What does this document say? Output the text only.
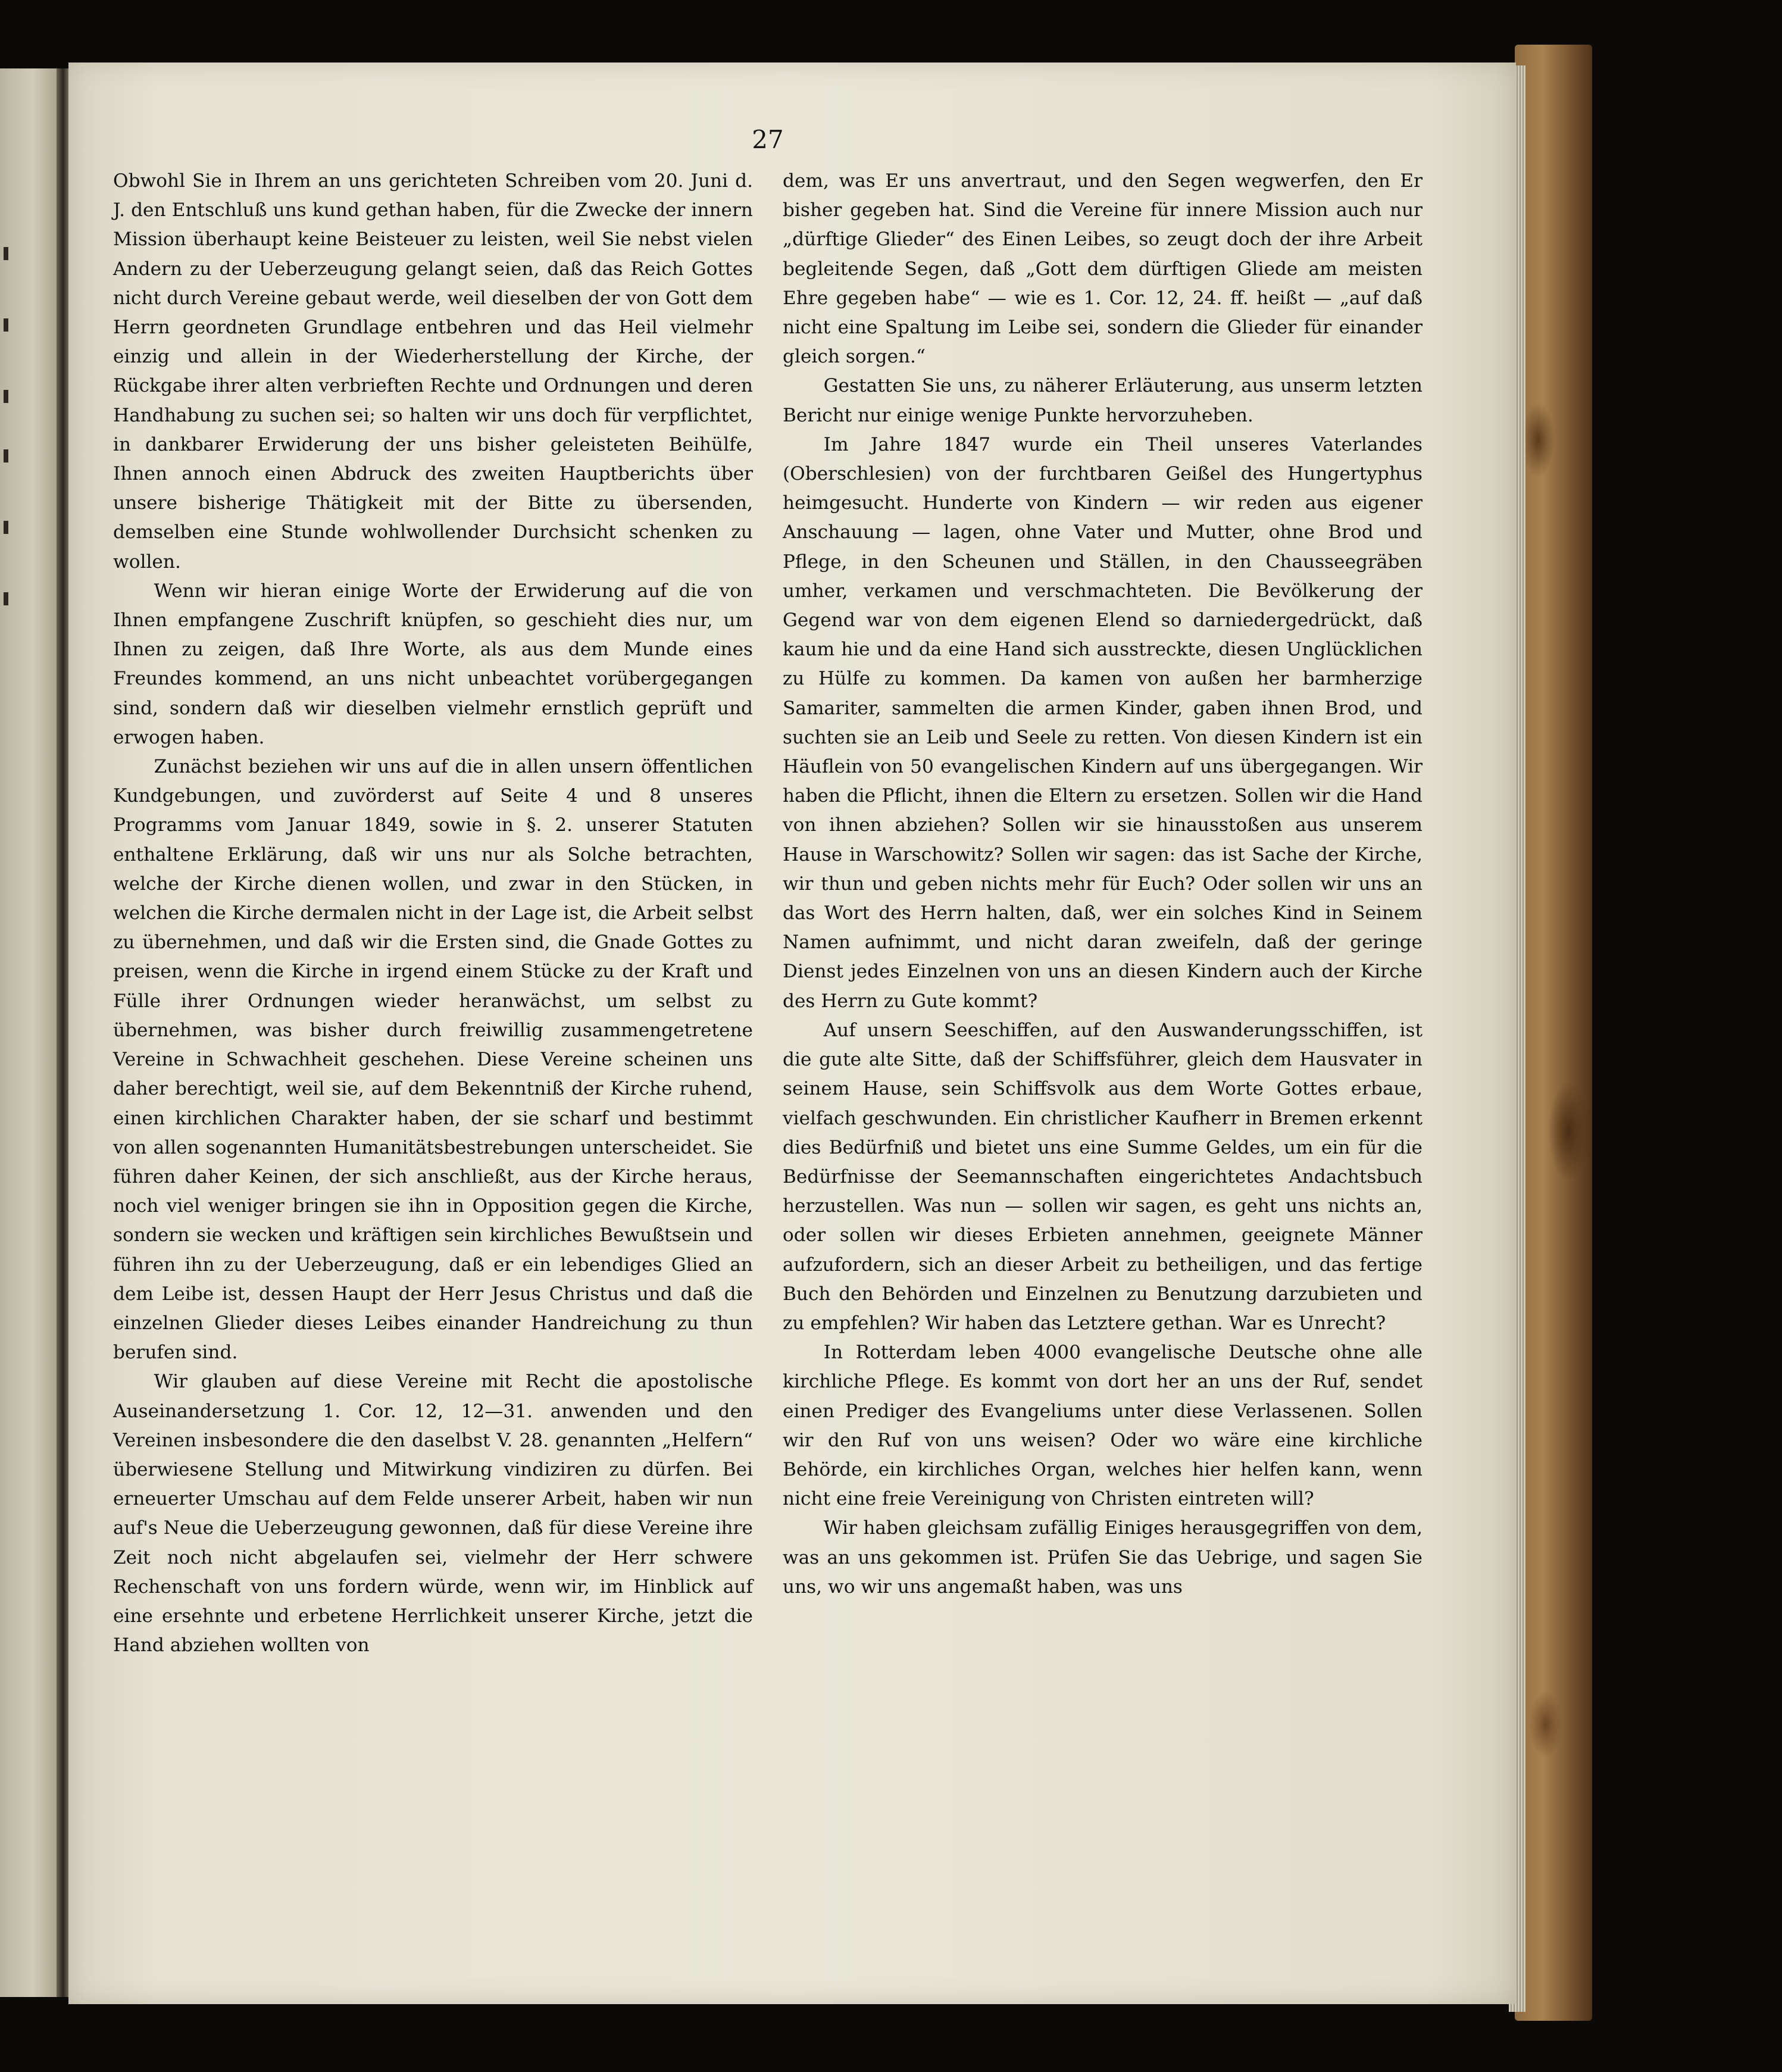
27

Obwohl Sie in Ihrem an uns gerichteten Schreiben vom 20. Juni d. J. den Entschluß uns kund gethan haben, für die Zwecke der innern Mission überhaupt keine Beisteuer zu leisten, weil Sie nebst vielen Andern zu der Ueberzeugung gelangt seien, daß das Reich Gottes nicht durch Vereine gebaut werde, weil dieselben der von Gott dem Herrn geordneten Grundlage entbehren und das Heil vielmehr einzig und allein in der Wiederherstellung der Kirche, der Rückgabe ihrer alten verbrieften Rechte und Ordnungen und deren Handhabung zu suchen sei; so halten wir uns doch für verpflichtet, in dankbarer Erwiderung der uns bisher geleisteten Beihülfe, Ihnen annoch einen Abdruck des zweiten Hauptberichts über unsere bisherige Thätigkeit mit der Bitte zu übersenden, demselben eine Stunde wohlwollender Durchsicht schenken zu wollen.

Wenn wir hieran einige Worte der Erwiderung auf die von Ihnen empfangene Zuschrift knüpfen, so geschieht dies nur, um Ihnen zu zeigen, daß Ihre Worte, als aus dem Munde eines Freundes kommend, an uns nicht unbeachtet vorübergegangen sind, sondern daß wir dieselben vielmehr ernstlich geprüft und erwogen haben.

Zunächst beziehen wir uns auf die in allen unsern öffentlichen Kundgebungen, und zuvörderst auf Seite 4 und 8 unseres Programms vom Januar 1849, sowie in §. 2. unserer Statuten enthaltene Erklärung, daß wir uns nur als Solche betrachten, welche der Kirche dienen wollen, und zwar in den Stücken, in welchen die Kirche dermalen nicht in der Lage ist, die Arbeit selbst zu übernehmen, und daß wir die Ersten sind, die Gnade Gottes zu preisen, wenn die Kirche in irgend einem Stücke zu der Kraft und Fülle ihrer Ordnungen wieder heranwächst, um selbst zu übernehmen, was bisher durch freiwillig zusammengetretene Vereine in Schwachheit geschehen. Diese Vereine scheinen uns daher berechtigt, weil sie, auf dem Bekenntniß der Kirche ruhend, einen kirchlichen Charakter haben, der sie scharf und bestimmt von allen sogenannten Humanitätsbestrebungen unterscheidet. Sie führen daher Keinen, der sich anschließt, aus der Kirche heraus, noch viel weniger bringen sie ihn in Opposition gegen die Kirche, sondern sie wecken und kräftigen sein kirchliches Bewußtsein und führen ihn zu der Ueberzeugung, daß er ein lebendiges Glied an dem Leibe ist, dessen Haupt der Herr Jesus Christus und daß die einzelnen Glieder dieses Leibes einander Handreichung zu thun berufen sind.

Wir glauben auf diese Vereine mit Recht die apostolische Auseinandersetzung 1. Cor. 12, 12—31. anwenden und den Vereinen insbesondere die den daselbst V. 28. genannten „Helfern“ überwiesene Stellung und Mitwirkung vindiziren zu dürfen. Bei erneuerter Umschau auf dem Felde unserer Arbeit, haben wir nun auf's Neue die Ueberzeugung gewonnen, daß für diese Vereine ihre Zeit noch nicht abgelaufen sei, vielmehr der Herr schwere Rechenschaft von uns fordern würde, wenn wir, im Hinblick auf eine ersehnte und erbetene Herrlichkeit unserer Kirche, jetzt die Hand abziehen wollten von

dem, was Er uns anvertraut, und den Segen wegwerfen, den Er bisher gegeben hat. Sind die Vereine für innere Mission auch nur „dürftige Glieder“ des Einen Leibes, so zeugt doch der ihre Arbeit begleitende Segen, daß „Gott dem dürftigen Gliede am meisten Ehre gegeben habe“ — wie es 1. Cor. 12, 24. ff. heißt — „auf daß nicht eine Spaltung im Leibe sei, sondern die Glieder für einander gleich sorgen.“

Gestatten Sie uns, zu näherer Erläuterung, aus unserm letzten Bericht nur einige wenige Punkte hervorzuheben.

Im Jahre 1847 wurde ein Theil unseres Vaterlandes (Oberschlesien) von der furchtbaren Geißel des Hungertyphus heimgesucht. Hunderte von Kindern — wir reden aus eigener Anschauung — lagen, ohne Vater und Mutter, ohne Brod und Pflege, in den Scheunen und Ställen, in den Chausseegräben umher, verkamen und verschmachteten. Die Bevölkerung der Gegend war von dem eigenen Elend so darniedergedrückt, daß kaum hie und da eine Hand sich ausstreckte, diesen Unglücklichen zu Hülfe zu kommen. Da kamen von außen her barmherzige Samariter, sammelten die armen Kinder, gaben ihnen Brod, und suchten sie an Leib und Seele zu retten. Von diesen Kindern ist ein Häuflein von 50 evangelischen Kindern auf uns übergegangen. Wir haben die Pflicht, ihnen die Eltern zu ersetzen. Sollen wir die Hand von ihnen abziehen? Sollen wir sie hinausstoßen aus unserem Hause in Warschowitz? Sollen wir sagen: das ist Sache der Kirche, wir thun und geben nichts mehr für Euch? Oder sollen wir uns an das Wort des Herrn halten, daß, wer ein solches Kind in Seinem Namen aufnimmt, und nicht daran zweifeln, daß der geringe Dienst jedes Einzelnen von uns an diesen Kindern auch der Kirche des Herrn zu Gute kommt?

Auf unsern Seeschiffen, auf den Auswanderungsschiffen, ist die gute alte Sitte, daß der Schiffsführer, gleich dem Hausvater in seinem Hause, sein Schiffsvolk aus dem Worte Gottes erbaue, vielfach geschwunden. Ein christlicher Kaufherr in Bremen erkennt dies Bedürfniß und bietet uns eine Summe Geldes, um ein für die Bedürfnisse der Seemannschaften eingerichtetes Andachtsbuch herzustellen. Was nun — sollen wir sagen, es geht uns nichts an, oder sollen wir dieses Erbieten annehmen, geeignete Männer aufzufordern, sich an dieser Arbeit zu betheiligen, und das fertige Buch den Behörden und Einzelnen zu Benutzung darzubieten und zu empfehlen? Wir haben das Letztere gethan. War es Unrecht?

In Rotterdam leben 4000 evangelische Deutsche ohne alle kirchliche Pflege. Es kommt von dort her an uns der Ruf, sendet einen Prediger des Evangeliums unter diese Verlassenen. Sollen wir den Ruf von uns weisen? Oder wo wäre eine kirchliche Behörde, ein kirchliches Organ, welches hier helfen kann, wenn nicht eine freie Vereinigung von Christen eintreten will?

Wir haben gleichsam zufällig Einiges herausgegriffen von dem, was an uns gekommen ist. Prüfen Sie das Uebrige, und sagen Sie uns, wo wir uns angemaßt haben, was uns
